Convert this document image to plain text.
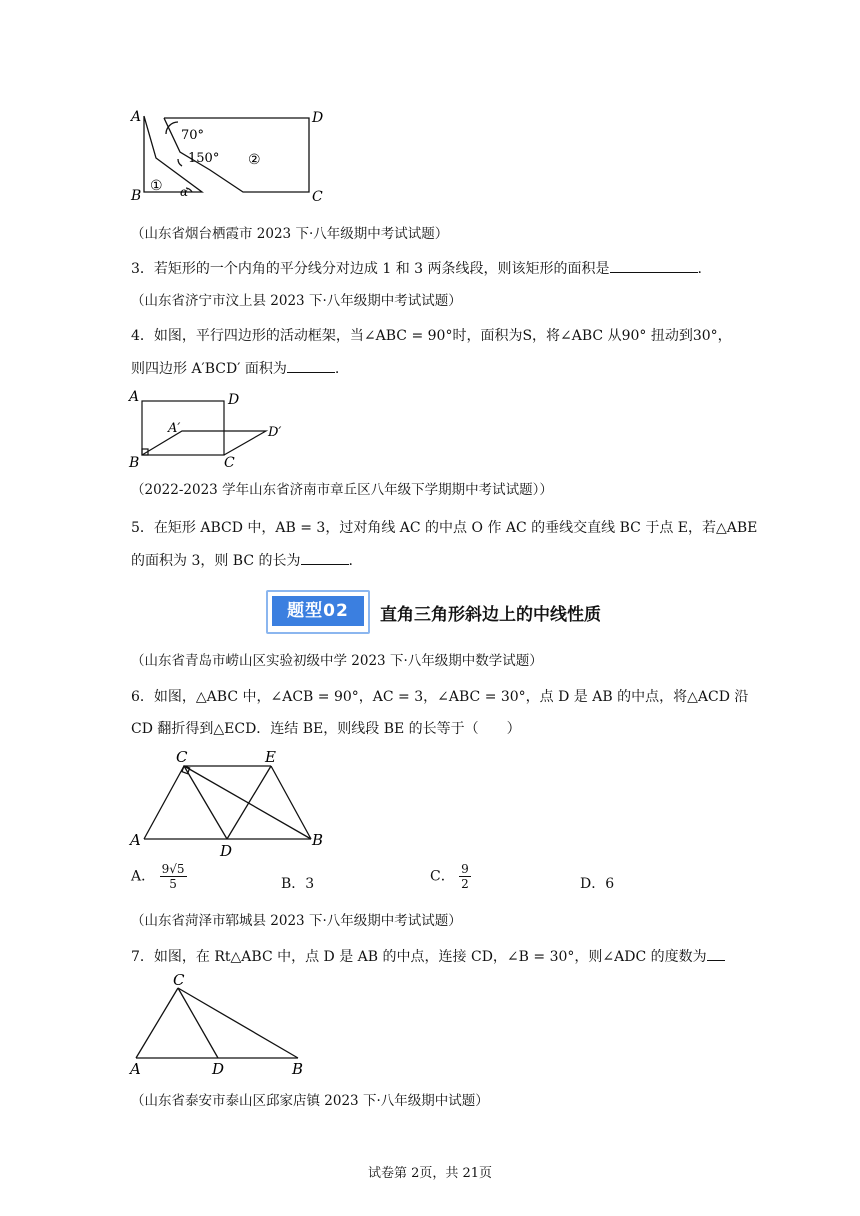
A
B
D
C
70°
150°
①
②
α
（山东省烟台栖霞市 2023 下·八年级期中考试试题）
3．若矩形的一个内角的平分线分对边成 1 和 3 两条线段，则该矩形的面积是	.
（山东省济宁市汶上县 2023 下·八年级期中考试试题）
4．如图，平行四边形的活动框架，当∠ABC = 90°时，面积为S，将∠ABC 从90° 扭动到30°，
则四边形 A′BCD′ 面积为	.
A	D
A′	D′
B	C
（2022-2023 学年山东省济南市章丘区八年级下学期期中考试试题））
5．在矩形 ABCD 中，AB = 3，过对角线 AC 的中点 O 作 AC 的垂线交直线 BC 于点 E，若△ABE
的面积为 3，则 BC 的长为	.
题型02	直角三角形斜边上的中线性质
（山东省青岛市崂山区实验初级中学 2023 下·八年级期中数学试题）
6．如图，△ABC 中，∠ACB = 90°，AC = 3，∠ABC = 30°，点 D 是 AB 的中点，将△ACD 沿
CD 翻折得到△ECD．连结 BE，则线段 BE 的长等于（　　）
C	E
A
D
B
A． $\frac{9√5}{5}$	B．3	C． $\frac{9}{2}$	D．6
（山东省菏泽市郓城县 2023 下·八年级期中考试试题）
7．如图，在 Rt△ABC 中，点 D 是 AB 的中点，连接 CD，∠B = 30°，则∠ADC 的度数为
C
A	D	B
（山东省泰安市泰山区邱家店镇 2023 下·八年级期中试题）
试卷第 2页，共 21页
